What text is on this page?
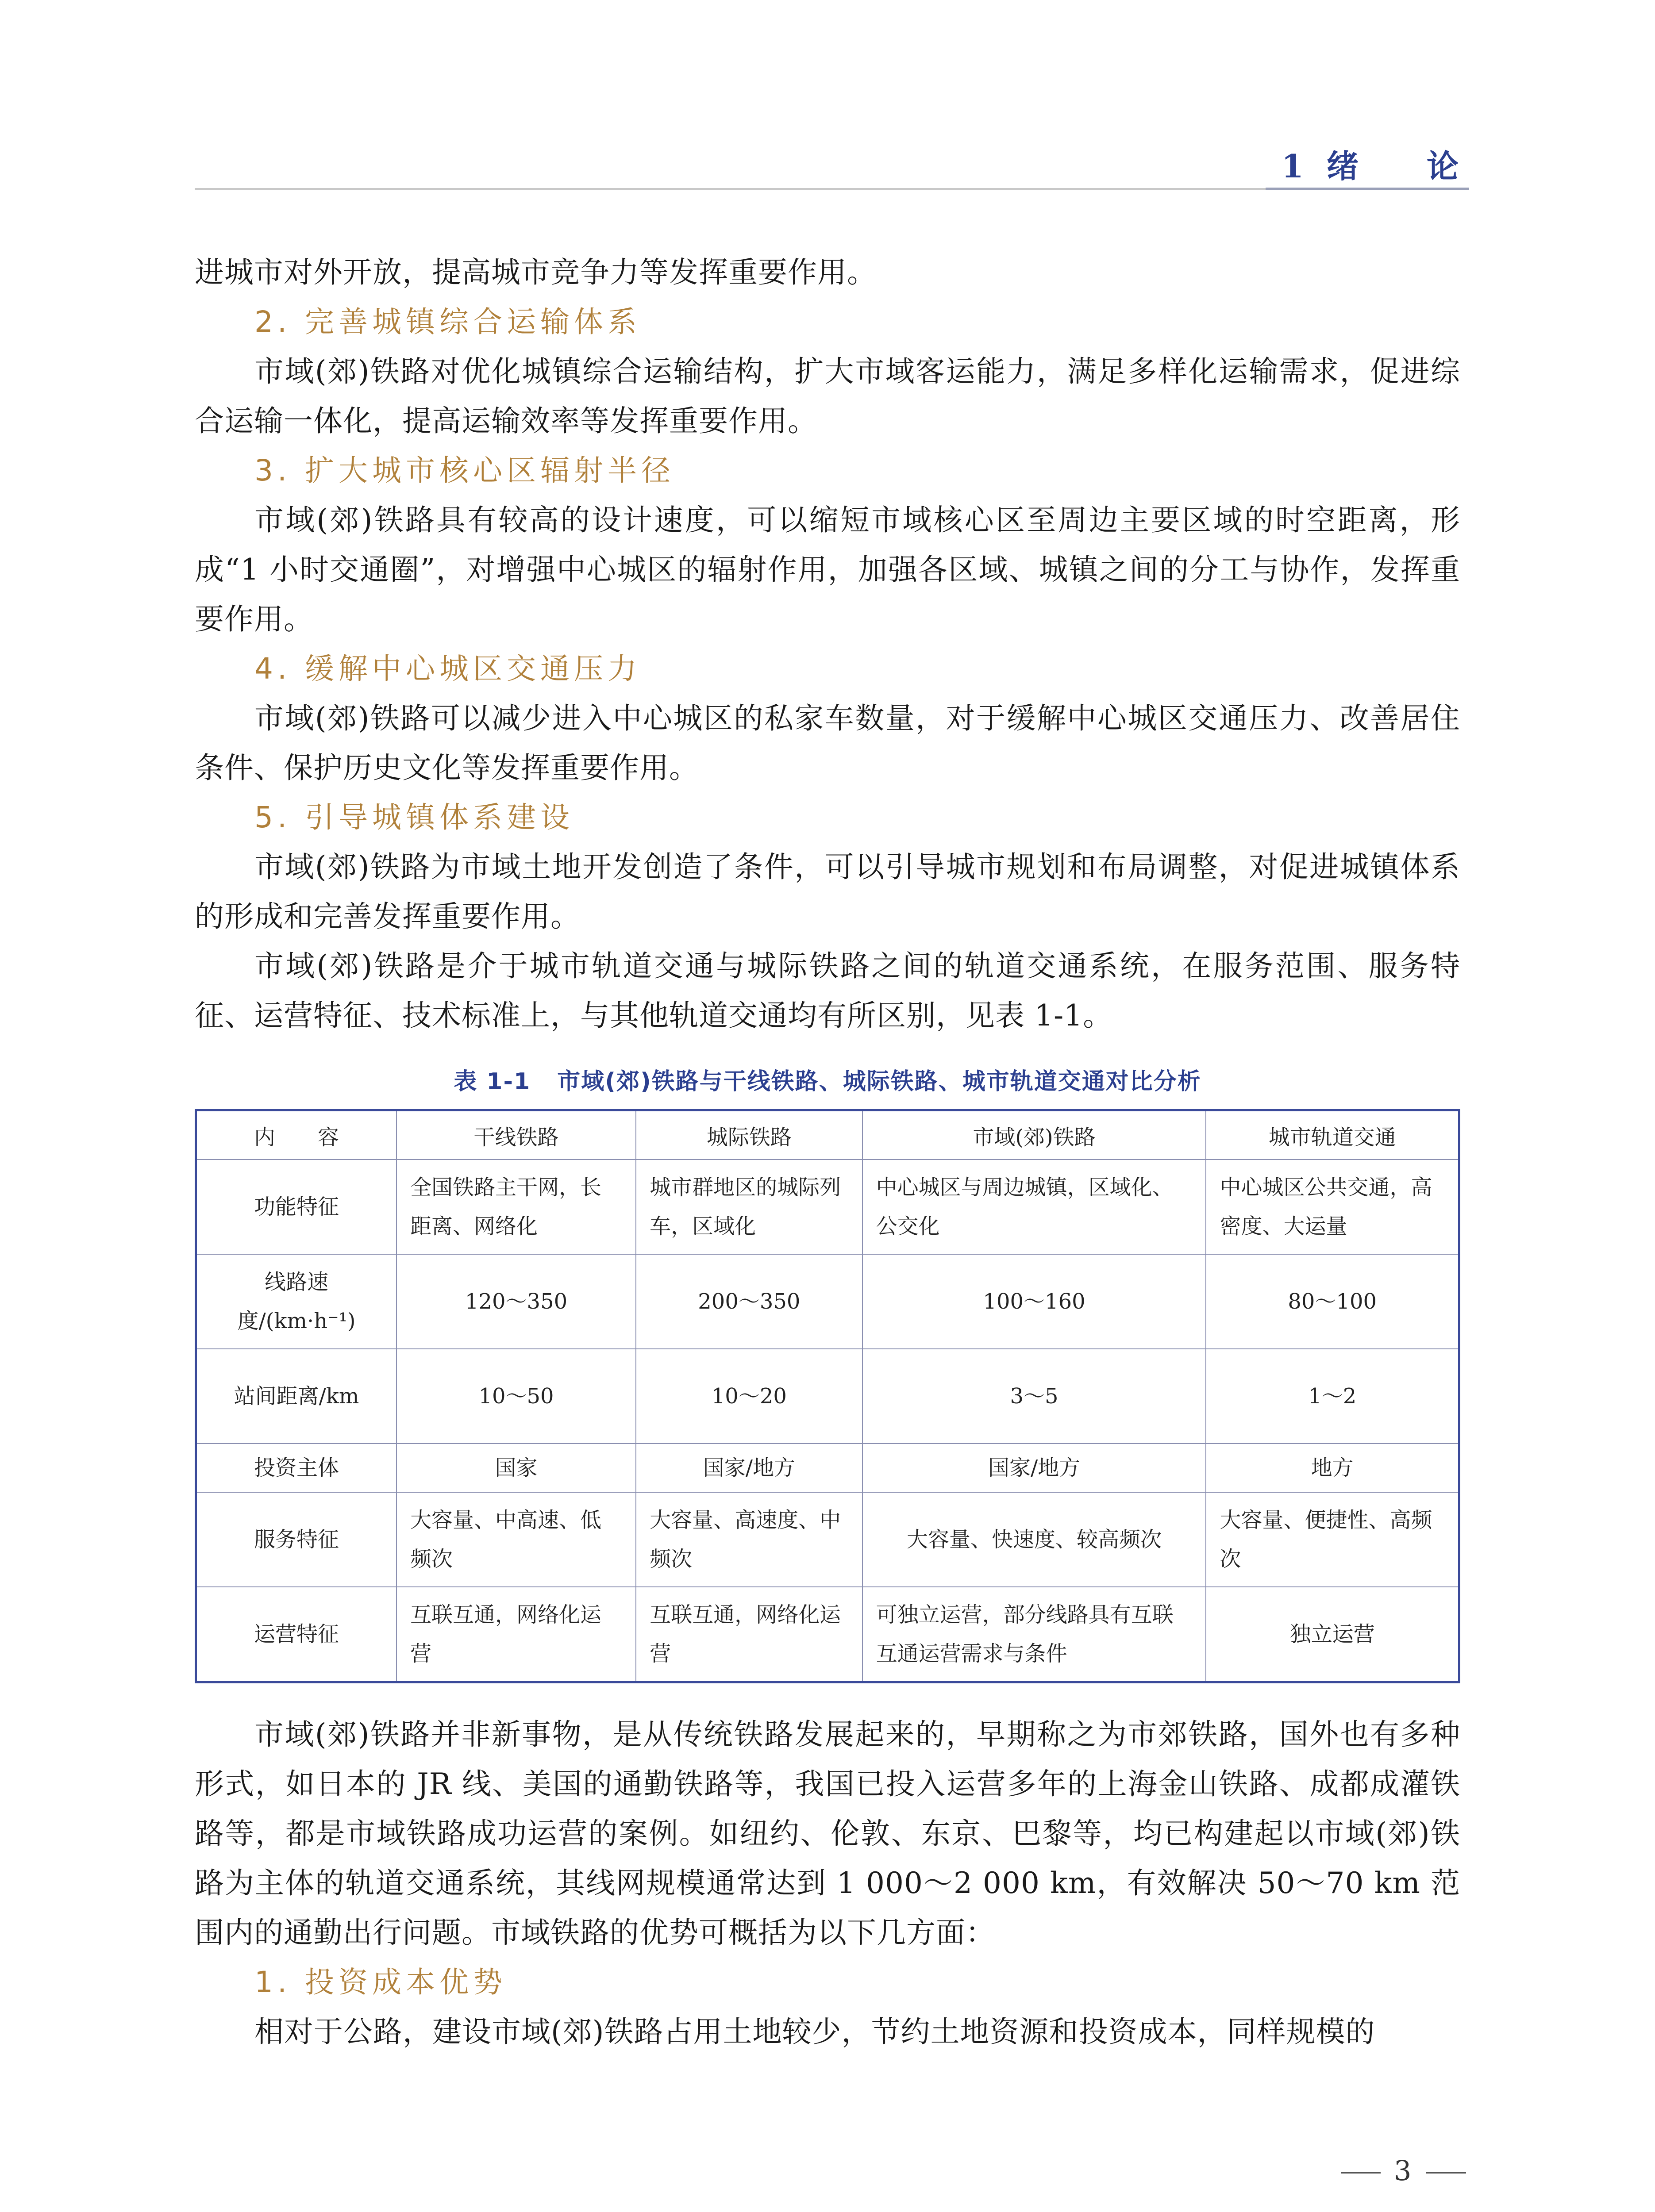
1 绪 论

进城市对外开放，提高城市竞争力等发挥重要作用。

2. 完善城镇综合运输体系

市域(郊)铁路对优化城镇综合运输结构，扩大市域客运能力，满足多样化运输需求，促进综合运输一体化，提高运输效率等发挥重要作用。

3. 扩大城市核心区辐射半径

市域(郊)铁路具有较高的设计速度，可以缩短市域核心区至周边主要区域的时空距离，形成“1 小时交通圈”，对增强中心城区的辐射作用，加强各区域、城镇之间的分工与协作，发挥重要作用。

4. 缓解中心城区交通压力

市域(郊)铁路可以减少进入中心城区的私家车数量，对于缓解中心城区交通压力、改善居住条件、保护历史文化等发挥重要作用。

5. 引导城镇体系建设

市域(郊)铁路为市域土地开发创造了条件，可以引导城市规划和布局调整，对促进城镇体系的形成和完善发挥重要作用。

市域(郊)铁路是介于城市轨道交通与城际铁路之间的轨道交通系统，在服务范围、服务特征、运营特征、技术标准上，与其他轨道交通均有所区别，见表 1-1。

表 1-1 市域(郊)铁路与干线铁路、城际铁路、城市轨道交通对比分析
内　　容	干线铁路	城际铁路	市域(郊)铁路	城市轨道交通
功能特征	全国铁路主干网，长距离、网络化	城市群地区的城际列车，区域化	中心城区与周边城镇，区域化、公交化	中心城区公共交通，高密度、大运量
线路速度/(km·h⁻¹)	120～350	200～350	100～160	80～100
站间距离/km	10～50	10～20	3～5	1～2
投资主体	国家	国家/地方	国家/地方	地方
服务特征	大容量、中高速、低频次	大容量、高速度、中频次	大容量、快速度、较高频次	大容量、便捷性、高频次
运营特征	互联互通，网络化运营	互联互通，网络化运营	可独立运营，部分线路具有互联互通运营需求与条件	独立运营

市域(郊)铁路并非新事物，是从传统铁路发展起来的，早期称之为市郊铁路，国外也有多种形式，如日本的 JR 线、美国的通勤铁路等，我国已投入运营多年的上海金山铁路、成都成灌铁路等，都是市域铁路成功运营的案例。如纽约、伦敦、东京、巴黎等，均已构建起以市域(郊)铁路为主体的轨道交通系统，其线网规模通常达到 1 000～2 000 km，有效解决 50～70 km 范围内的通勤出行问题。市域铁路的优势可概括为以下几方面：

1. 投资成本优势

相对于公路，建设市域(郊)铁路占用土地较少，节约土地资源和投资成本，同样规模的

3
